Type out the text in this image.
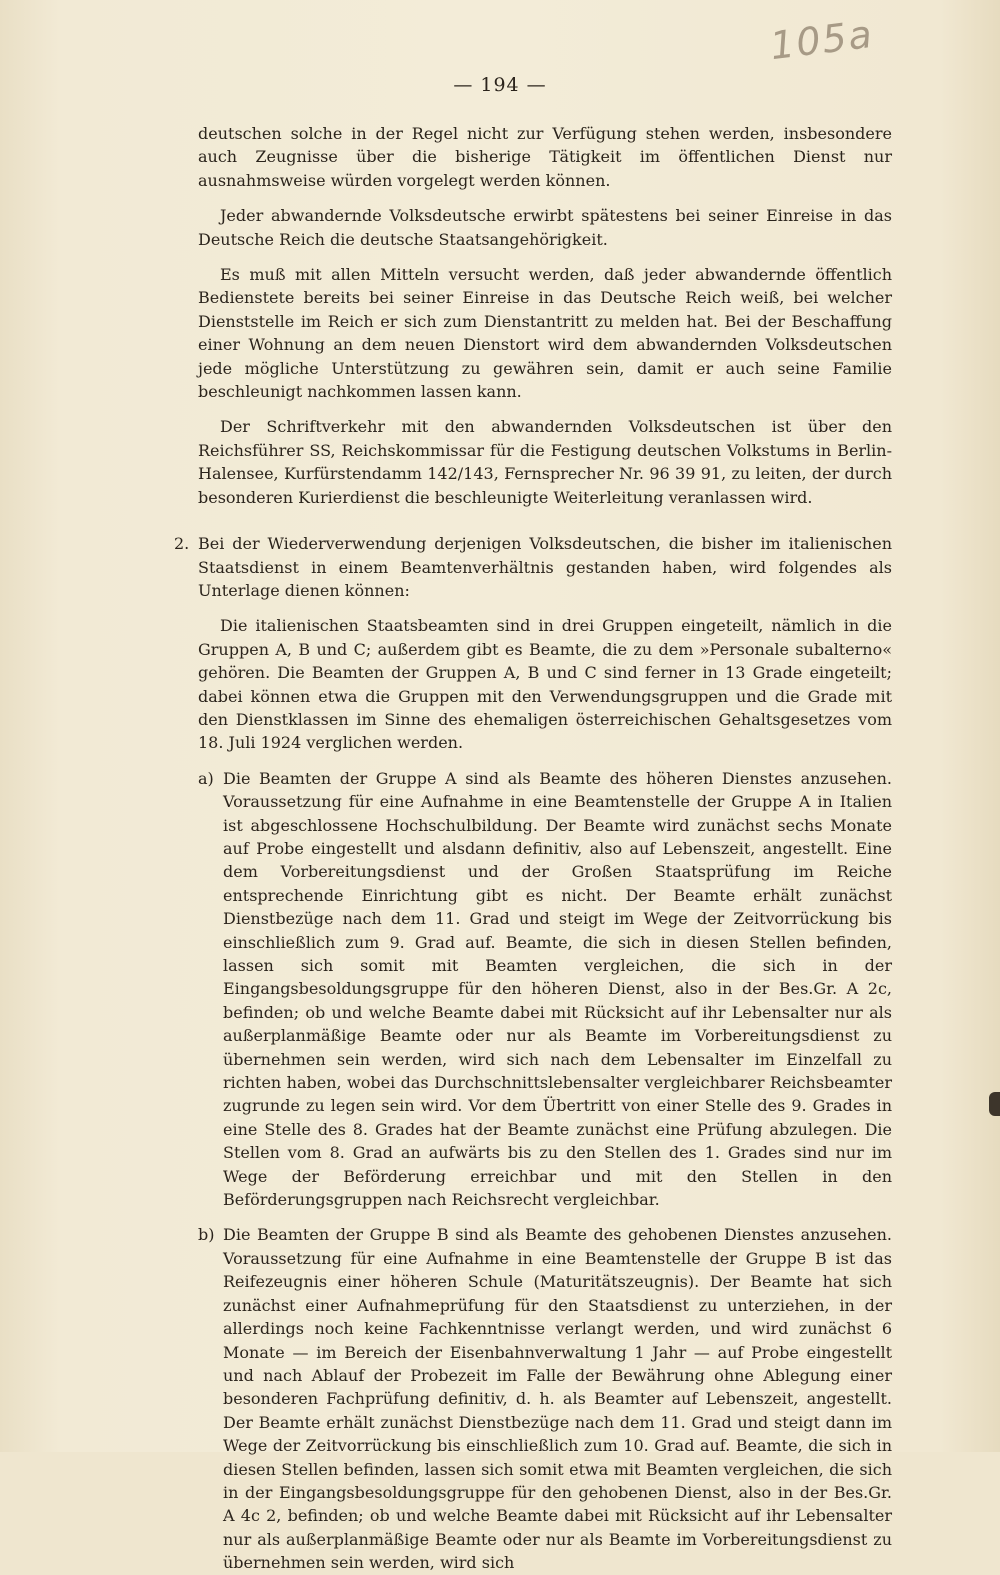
105a
— 194 —

deutschen solche in der Regel nicht zur Verfügung stehen werden, insbesondere auch Zeugnisse über die bisherige Tätigkeit im öffentlichen Dienst nur ausnahmsweise würden vorgelegt werden können.

Jeder abwandernde Volksdeutsche erwirbt spätestens bei seiner Einreise in das Deutsche Reich die deutsche Staatsangehörigkeit.

Es muß mit allen Mitteln versucht werden, daß jeder abwandernde öffentlich Bedienstete bereits bei seiner Einreise in das Deutsche Reich weiß, bei welcher Dienststelle im Reich er sich zum Dienstantritt zu melden hat. Bei der Beschaffung einer Wohnung an dem neuen Dienstort wird dem abwandernden Volksdeutschen jede mögliche Unterstützung zu gewähren sein, damit er auch seine Familie beschleunigt nachkommen lassen kann.

Der Schriftverkehr mit den abwandernden Volksdeutschen ist über den Reichsführer SS, Reichskommissar für die Festigung deutschen Volkstums in Berlin-Halensee, Kurfürstendamm 142/143, Fernsprecher Nr. 96 39 91, zu leiten, der durch besonderen Kurierdienst die beschleunigte Weiterleitung veranlassen wird.

2. Bei der Wiederverwendung derjenigen Volksdeutschen, die bisher im italienischen Staatsdienst in einem Beamtenverhältnis gestanden haben, wird folgendes als Unterlage dienen können:

Die italienischen Staatsbeamten sind in drei Gruppen eingeteilt, nämlich in die Gruppen A, B und C; außerdem gibt es Beamte, die zu dem »Personale subalterno« gehören. Die Beamten der Gruppen A, B und C sind ferner in 13 Grade eingeteilt; dabei können etwa die Gruppen mit den Verwendungsgruppen und die Grade mit den Dienstklassen im Sinne des ehemaligen österreichischen Gehaltsgesetzes vom 18. Juli 1924 verglichen werden.

a) Die Beamten der Gruppe A sind als Beamte des höheren Dienstes anzusehen. Voraussetzung für eine Aufnahme in eine Beamtenstelle der Gruppe A in Italien ist abgeschlossene Hochschulbildung. Der Beamte wird zunächst sechs Monate auf Probe eingestellt und alsdann definitiv, also auf Lebenszeit, angestellt. Eine dem Vorbereitungsdienst und der Großen Staatsprüfung im Reiche entsprechende Einrichtung gibt es nicht. Der Beamte erhält zunächst Dienstbezüge nach dem 11. Grad und steigt im Wege der Zeitvorrückung bis einschließlich zum 9. Grad auf. Beamte, die sich in diesen Stellen befinden, lassen sich somit mit Beamten vergleichen, die sich in der Eingangsbesoldungsgruppe für den höheren Dienst, also in der Bes.Gr. A 2c, befinden; ob und welche Beamte dabei mit Rücksicht auf ihr Lebensalter nur als außerplanmäßige Beamte oder nur als Beamte im Vorbereitungsdienst zu übernehmen sein werden, wird sich nach dem Lebensalter im Einzelfall zu richten haben, wobei das Durchschnittslebensalter vergleichbarer Reichsbeamter zugrunde zu legen sein wird. Vor dem Übertritt von einer Stelle des 9. Grades in eine Stelle des 8. Grades hat der Beamte zunächst eine Prüfung abzulegen. Die Stellen vom 8. Grad an aufwärts bis zu den Stellen des 1. Grades sind nur im Wege der Beförderung erreichbar und mit den Stellen in den Beförderungsgruppen nach Reichsrecht vergleichbar.

b) Die Beamten der Gruppe B sind als Beamte des gehobenen Dienstes anzusehen. Voraussetzung für eine Aufnahme in eine Beamtenstelle der Gruppe B ist das Reifezeugnis einer höheren Schule (Maturitätszeugnis). Der Beamte hat sich zunächst einer Aufnahmeprüfung für den Staatsdienst zu unterziehen, in der allerdings noch keine Fachkenntnisse verlangt werden, und wird zunächst 6 Monate — im Bereich der Eisenbahnverwaltung 1 Jahr — auf Probe eingestellt und nach Ablauf der Probezeit im Falle der Bewährung ohne Ablegung einer besonderen Fachprüfung definitiv, d. h. als Beamter auf Lebenszeit, angestellt. Der Beamte erhält zunächst Dienstbezüge nach dem 11. Grad und steigt dann im Wege der Zeitvorrückung bis einschließlich zum 10. Grad auf. Beamte, die sich in diesen Stellen befinden, lassen sich somit etwa mit Beamten vergleichen, die sich in der Eingangsbesoldungsgruppe für den gehobenen Dienst, also in der Bes.Gr. A 4c 2, befinden; ob und welche Beamte dabei mit Rücksicht auf ihr Lebensalter nur als außerplanmäßige Beamte oder nur als Beamte im Vorbereitungsdienst zu übernehmen sein werden, wird sich
